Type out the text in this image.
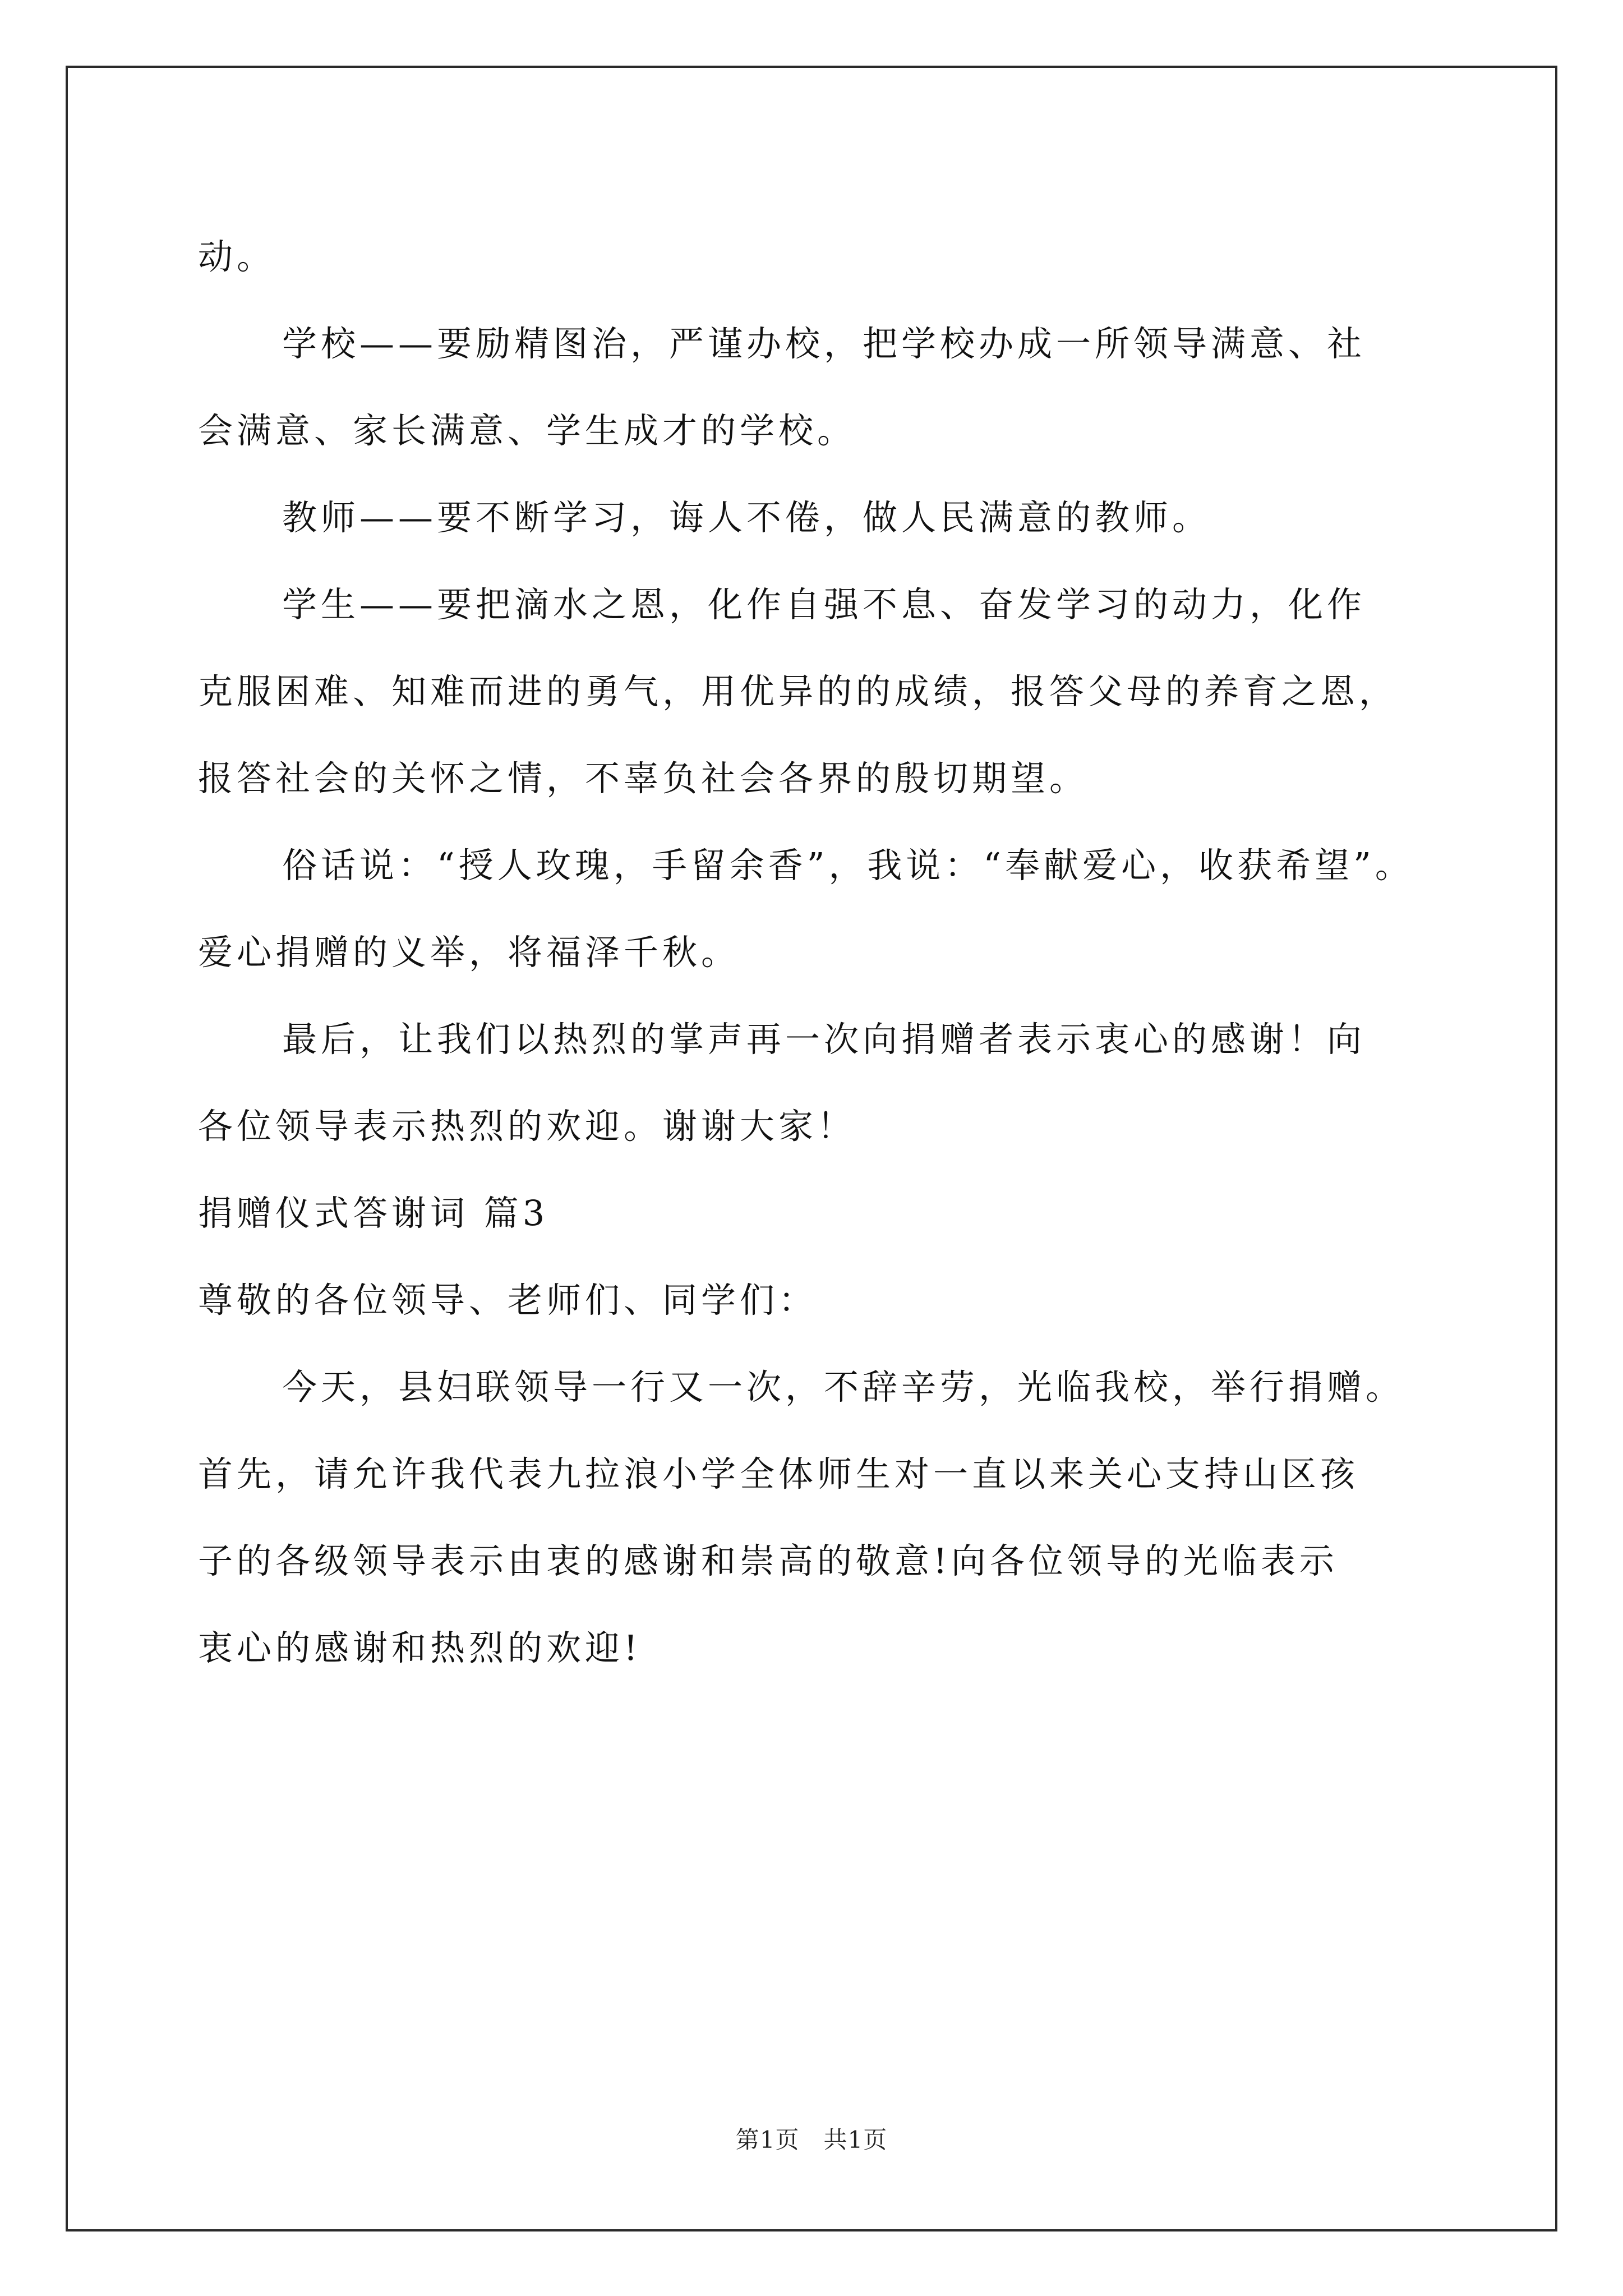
动。

学校——要励精图治，严谨办校，把学校办成一所领导满意、社
会满意、家长满意、学生成才的学校。

教师——要不断学习，诲人不倦，做人民满意的教师。

学生——要把滴水之恩，化作自强不息、奋发学习的动力，化作
克服困难、知难而进的勇气，用优异的的成绩，报答父母的养育之恩，
报答社会的关怀之情，不辜负社会各界的殷切期望。

俗话说：“授人玫瑰，手留余香”，我说：“奉献爱心，收获希望”。
爱心捐赠的义举，将福泽千秋。

最后，让我们以热烈的掌声再一次向捐赠者表示衷心的感谢！向
各位领导表示热烈的欢迎。谢谢大家！

捐赠仪式答谢词 篇3

尊敬的各位领导、老师们、同学们：

今天，县妇联领导一行又一次，不辞辛劳，光临我校，举行捐赠。
首先，请允许我代表九拉浪小学全体师生对一直以来关心支持山区孩
子的各级领导表示由衷的感谢和崇高的敬意!向各位领导的光临表示
衷心的感谢和热烈的欢迎!

第1页   共1页
